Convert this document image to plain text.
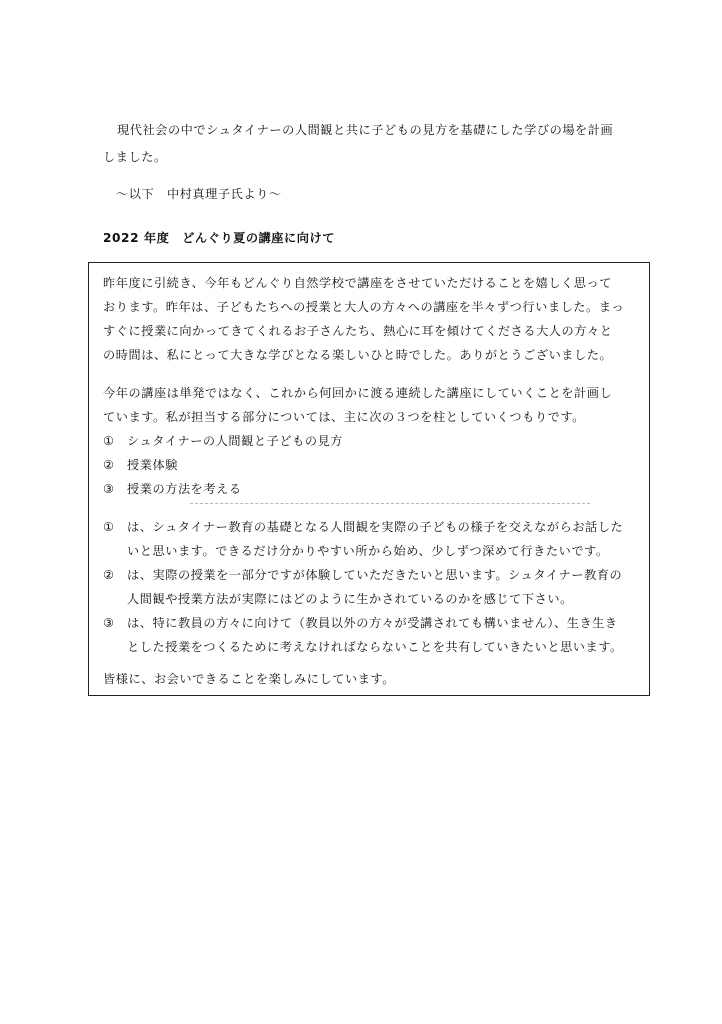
現代社会の中でシュタイナーの人間観と共に子どもの見方を基礎にした学びの場を計画
しました。
〜以下　中村真理子氏より〜
2022 年度　どんぐり夏の講座に向けて
昨年度に引続き、今年もどんぐり自然学校で講座をさせていただけることを嬉しく思って
おります。昨年は、子どもたちへの授業と大人の方々への講座を半々ずつ行いました。まっ
すぐに授業に向かってきてくれるお子さんたち、熱心に耳を傾けてくださる大人の方々と
の時間は、私にとって大きな学びとなる楽しいひと時でした。ありがとうございました。
今年の講座は単発ではなく、これから何回かに渡る連続した講座にしていくことを計画し
ています。私が担当する部分については、主に次の３つを柱としていくつもりです。
① シュタイナーの人間観と子どもの見方
② 授業体験
③ 授業の方法を考える
① は、シュタイナー教育の基礎となる人間観を実際の子どもの様子を交えながらお話した
いと思います。できるだけ分かりやすい所から始め、少しずつ深めて行きたいです。
② は、実際の授業を一部分ですが体験していただきたいと思います。シュタイナー教育の
人間観や授業方法が実際にはどのように生かされているのかを感じて下さい。
③ は、特に教員の方々に向けて（教員以外の方々が受講されても構いません）、生き生き
とした授業をつくるために考えなければならないことを共有していきたいと思います。
皆様に、お会いできることを楽しみにしています。
